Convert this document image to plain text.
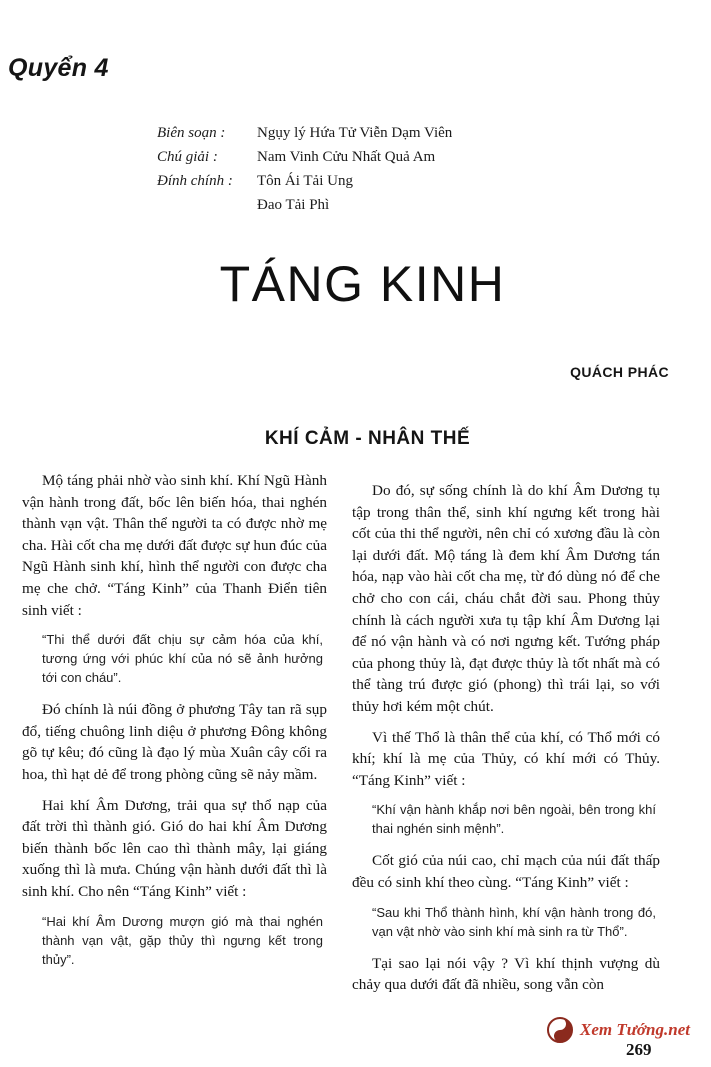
Quyển 4
Biên soạn :	Ngụy lý Hứa Tử Viễn Dạm Viên
Chú giải :	Nam Vinh Cửu Nhất Quả Am
Đính chính :	Tôn Ái Tải Ung
Đao Tải Phì
TÁNG KINH
QUÁCH PHÁC
KHÍ CẢM - NHÂN THẾ

Mộ táng phải nhờ vào sinh khí. Khí Ngũ Hành vận hành trong đất, bốc lên biến hóa, thai nghén thành vạn vật. Thân thể người ta có được nhờ mẹ cha. Hài cốt cha mẹ dưới đất được sự hun đúc của Ngũ Hành sinh khí, hình thể người con được cha mẹ che chở. “Táng Kinh” của Thanh Điển tiên sinh viết :

“Thi thể dưới đất chịu sự cảm hóa của khí, tương ứng với phúc khí của nó sẽ ảnh hưởng tới con cháu”.

Đó chính là núi đồng ở phương Tây tan rã sụp đổ, tiếng chuông linh diệu ở phương Đông không gõ tự kêu; đó cũng là đạo lý mùa Xuân cây cối ra hoa, thì hạt dẻ để trong phòng cũng sẽ nảy mầm.

Hai khí Âm Dương, trải qua sự thổ nạp của đất trời thì thành gió. Gió do hai khí Âm Dương biến thành bốc lên cao thì thành mây, lại giáng xuống thì là mưa. Chúng vận hành dưới đất thì là sinh khí. Cho nên “Táng Kinh” viết :

“Hai khí Âm Dương mượn gió mà thai nghén thành vạn vật, gặp thủy thì ngưng kết trong thủy”.

Do đó, sự sống chính là do khí Âm Dương tụ tập trong thân thể, sinh khí ngưng kết trong hài cốt của thi thể người, nên chỉ có xương đầu là còn lại dưới đất. Mộ táng là đem khí Âm Dương tán hóa, nạp vào hài cốt cha mẹ, từ đó dùng nó để che chở cho con cái, cháu chắt đời sau. Phong thủy chính là cách người xưa tụ tập khí Âm Dương lại để nó vận hành và có nơi ngưng kết. Tướng pháp của phong thủy là, đạt được thủy là tốt nhất mà có thể tàng trú được gió (phong) thì trái lại, so với thủy hơi kém một chút.

Vì thế Thổ là thân thể của khí, có Thổ mới có khí; khí là mẹ của Thủy, có khí mới có Thủy. “Táng Kinh” viết :

“Khí vận hành khắp nơi bên ngoài, bên trong khí thai nghén sinh mệnh”.

Cốt gió của núi cao, chỉ mạch của núi đất thấp đều có sinh khí theo cùng. “Táng Kinh” viết :

“Sau khi Thổ thành hình, khí vận hành trong đó, vạn vật nhờ vào sinh khí mà sinh ra từ Thổ”.

Tại sao lại nói vậy ? Vì khí thịnh vượng dù chảy qua dưới đất đã nhiều, song vẫn còn

Xem Tướng.net
269
